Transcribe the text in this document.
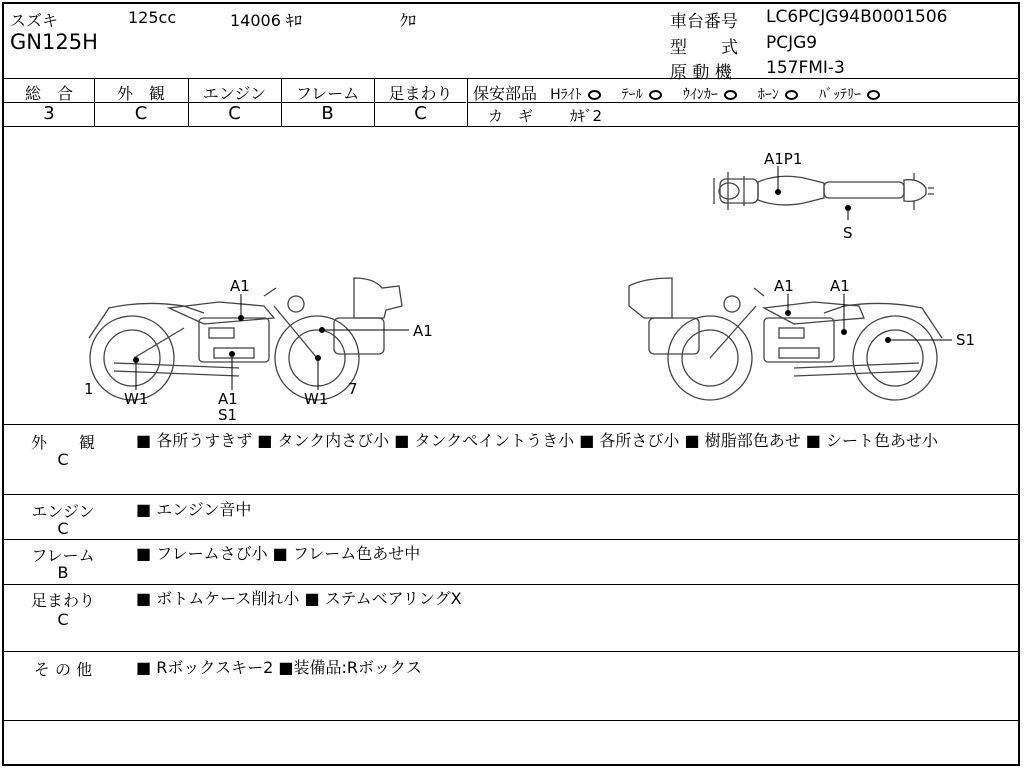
スズキ	125cc	14006 ｷﾛ	ｸﾛ
GN125H
車台番号 LC6PCJG94B0001506
型　　式 PCJG9
原 動 機 157FMI-3
総　合
3
外　観
C
エンジン
C
フレーム
B
足まわり
C
保安部品 Hﾗｲﾄ	ﾃｰﾙ	ｳｲﾝｶｰ	ﾎｰﾝ	ﾊﾞｯﾃﾘｰ
カ　ギ ｶｷﾞ2
A1P1
S
A1
A1
1
W1	A1
S1
W1
7
A1 A1
S1
外　　観
C
■ 各所うすきず ■ タンク内さび小 ■ タンクペイントうき小 ■ 各所さび小 ■ 樹脂部色あせ ■ シート色あせ小
エンジン
C
■ エンジン音中
フレーム
B
■ フレームさび小 ■ フレーム色あせ中
足まわり
C
■ ボトムケース削れ小 ■ ステムベアリングX
そ の 他	■ Rボックスキー2 ■装備品:Rボックス
